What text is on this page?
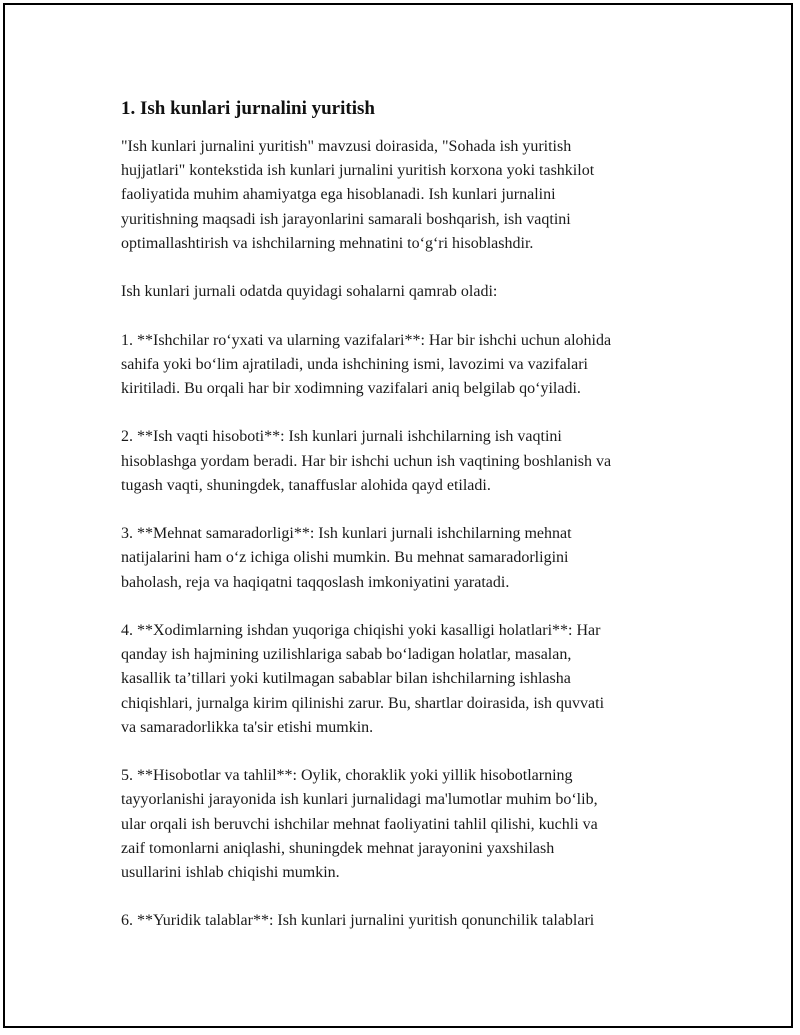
1. Ish kunlari jurnalini yuritish
"Ish kunlari jurnalini yuritish" mavzusi doirasida, "Sohada ish yuritish
hujjatlari" kontekstida ish kunlari jurnalini yuritish korxona yoki tashkilot
faoliyatida muhim ahamiyatga ega hisoblanadi. Ish kunlari jurnalini
yuritishning maqsadi ish jarayonlarini samarali boshqarish, ish vaqtini
optimallashtirish va ishchilarning mehnatini to‘g‘ri hisoblashdir.
Ish kunlari jurnali odatda quyidagi sohalarni qamrab oladi:
1. **Ishchilar ro‘yxati va ularning vazifalari**: Har bir ishchi uchun alohida
sahifa yoki bo‘lim ajratiladi, unda ishchining ismi, lavozimi va vazifalari
kiritiladi. Bu orqali har bir xodimning vazifalari aniq belgilab qo‘yiladi.
2. **Ish vaqti hisoboti**: Ish kunlari jurnali ishchilarning ish vaqtini
hisoblashga yordam beradi. Har bir ishchi uchun ish vaqtining boshlanish va
tugash vaqti, shuningdek, tanaffuslar alohida qayd etiladi.
3. **Mehnat samaradorligi**: Ish kunlari jurnali ishchilarning mehnat
natijalarini ham o‘z ichiga olishi mumkin. Bu mehnat samaradorligini
baholash, reja va haqiqatni taqqoslash imkoniyatini yaratadi.
4. **Xodimlarning ishdan yuqoriga chiqishi yoki kasalligi holatlari**: Har
qanday ish hajmining uzilishlariga sabab bo‘ladigan holatlar, masalan,
kasallik ta’tillari yoki kutilmagan sabablar bilan ishchilarning ishlasha
chiqishlari, jurnalga kirim qilinishi zarur. Bu, shartlar doirasida, ish quvvati
va samaradorlikka ta'sir etishi mumkin.
5. **Hisobotlar va tahlil**: Oylik, choraklik yoki yillik hisobotlarning
tayyorlanishi jarayonida ish kunlari jurnalidagi ma'lumotlar muhim bo‘lib,
ular orqali ish beruvchi ishchilar mehnat faoliyatini tahlil qilishi, kuchli va
zaif tomonlarni aniqlashi, shuningdek mehnat jarayonini yaxshilash
usullarini ishlab chiqishi mumkin.
6. **Yuridik talablar**: Ish kunlari jurnalini yuritish qonunchilik talablari
